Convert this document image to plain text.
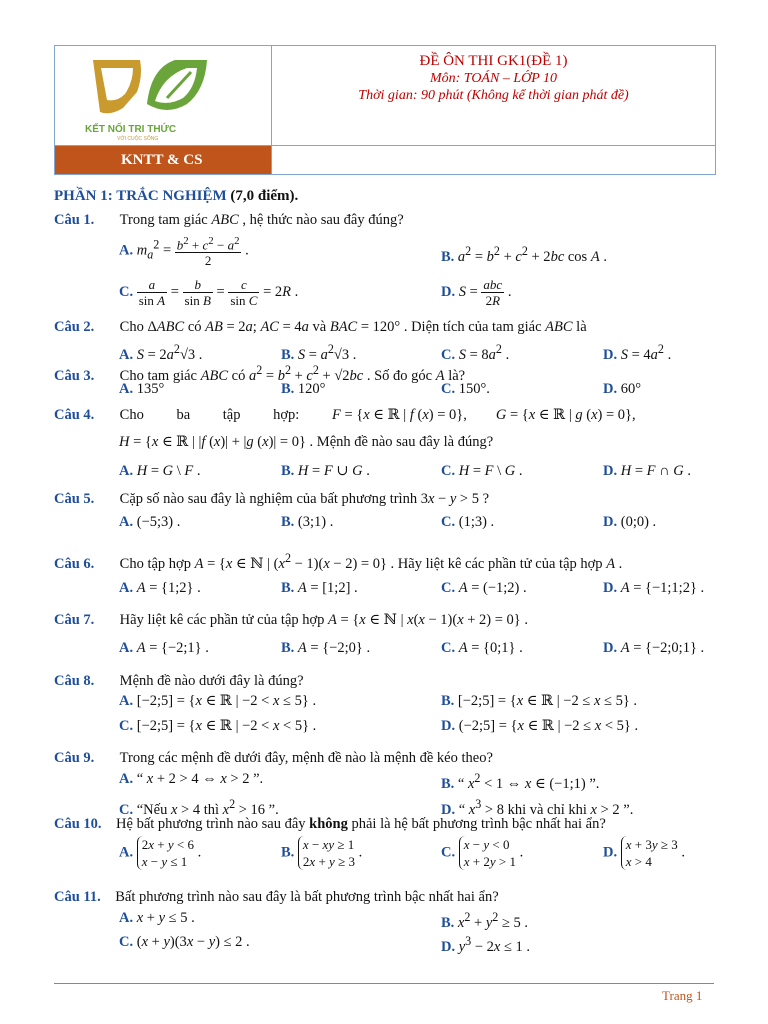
KẾT NỐI TRI THỨC
VỚI CUỘC SỐNG
KNTT & CS
ĐỀ ÔN THI GK1(ĐỀ 1)
Môn: TOÁN – LỚP 10
Thời gian: 90 phút (Không kể thời gian phát đề)
PHẦN 1: TRẮC NGHIỆM (7,0 điểm).
Câu 1.       Trong tam giác ABC , hệ thức nào sau đây đúng?
A. $m_a^2 = \frac{b^2 + c^2 - a^2}{2}$ .	B. $a^2 = b^2 + c^2 + 2bc$ cos A .
C. $\frac{a}{\text{sin A}} = \frac{b}{\text{sin B}} = \frac{c}{\text{sin C}} = 2R$ .	D. $S = \frac{\text{abc}}{2R}$ .
Câu 2.       Cho ΔABC có AB = 2a; AC = 4a và BAC = 120° . Diện tích của tam giác ABC là
A. $S = 2a^2√3$ .	B. $S = a^2√3$ .	C. $S = 8a^2$ .	D. $S = 4a^2$ .
Câu 3.       Cho tam giác ABC có $a^2 = b^2 + c^2 + √2bc$ . Số đo góc A là?
A. 135°	B. 120°	C. 150°.	D. 60°
Câu 4.       Cho         ba         tập         hợp:         F = {x ∈ ℝ | f (x) = 0},        G = {x ∈ ℝ | g (x) = 0},
H = {x ∈ ℝ | |f (x)| + |g (x)| = 0} . Mệnh đề nào sau đây là đúng?
A. H = G \ F .	B. H = F ∪ G .	C. H = F \ G .	D. H = F ∩ G .
Câu 5.       Cặp số nào sau đây là nghiệm của bất phương trình 3x − y > 5 ?
A. (−5;3) .	B. (3;1) .	C. (1;3) .	D. (0;0) .
Câu 6.       Cho tập hợp A = {x ∈ ℕ | $(x^2 - 1)(x - 2) = 0$} . Hãy liệt kê các phần tử của tập hợp A .
A. A = {1;2} .	B. A = [1;2] .	C. A = (−1;2) .	D. A = {−1;1;2} .
Câu 7.       Hãy liệt kê các phần tử của tập hợp A = {x ∈ ℕ | x(x − 1)(x + 2) = 0} .
A. A = {−2;1} .	B. A = {−2;0} .	C. A = {0;1} .	D. A = {−2;0;1} .
Câu 8.       Mệnh đề nào dưới đây là đúng?
A. [−2;5] = {x ∈ ℝ | −2 < x ≤ 5} .	B. [−2;5] = {x ∈ ℝ | −2 ≤ x ≤ 5} .
C. [−2;5] = {x ∈ ℝ | −2 < x < 5} .	D. (−2;5] = {x ∈ ℝ | −2 ≤ x < 5} .
Câu 9.       Trong các mệnh đề dưới đây, mệnh đề nào là mệnh đề kéo theo?
A. “ x + 2 > 4 ⇔ x > 2 ”.	B. “ $x^2 < 1$ ⇔ x ∈ (−1;1) ”.
C. “Nếu x > 4 thì $x^2 > 16$ ”.	D. “ $x^3 > 8$ khi và chỉ khi x > 2 ”.
Câu 10.    Hệ bất phương trình nào sau đây không phải là hệ bất phương trình bậc nhất hai ẩn?
A. 2x + y < 6
x − y ≤ 1 .	B. x − xy ≥ 1
2x + y ≥ 3 .	C. x − y < 0
x + 2y > 1 .	D. x + 3y ≥ 3
x > 4 .
Câu 11.    Bất phương trình nào sau đây là bất phương trình bậc nhất hai ẩn?
A. x + y ≤ 5 .	B. $x^2 + y^2 \ge 5$ .
C. (x + y)(3x − y) ≤ 2 .	D. $y^3 - 2x \le 1$ .
Trang 1
